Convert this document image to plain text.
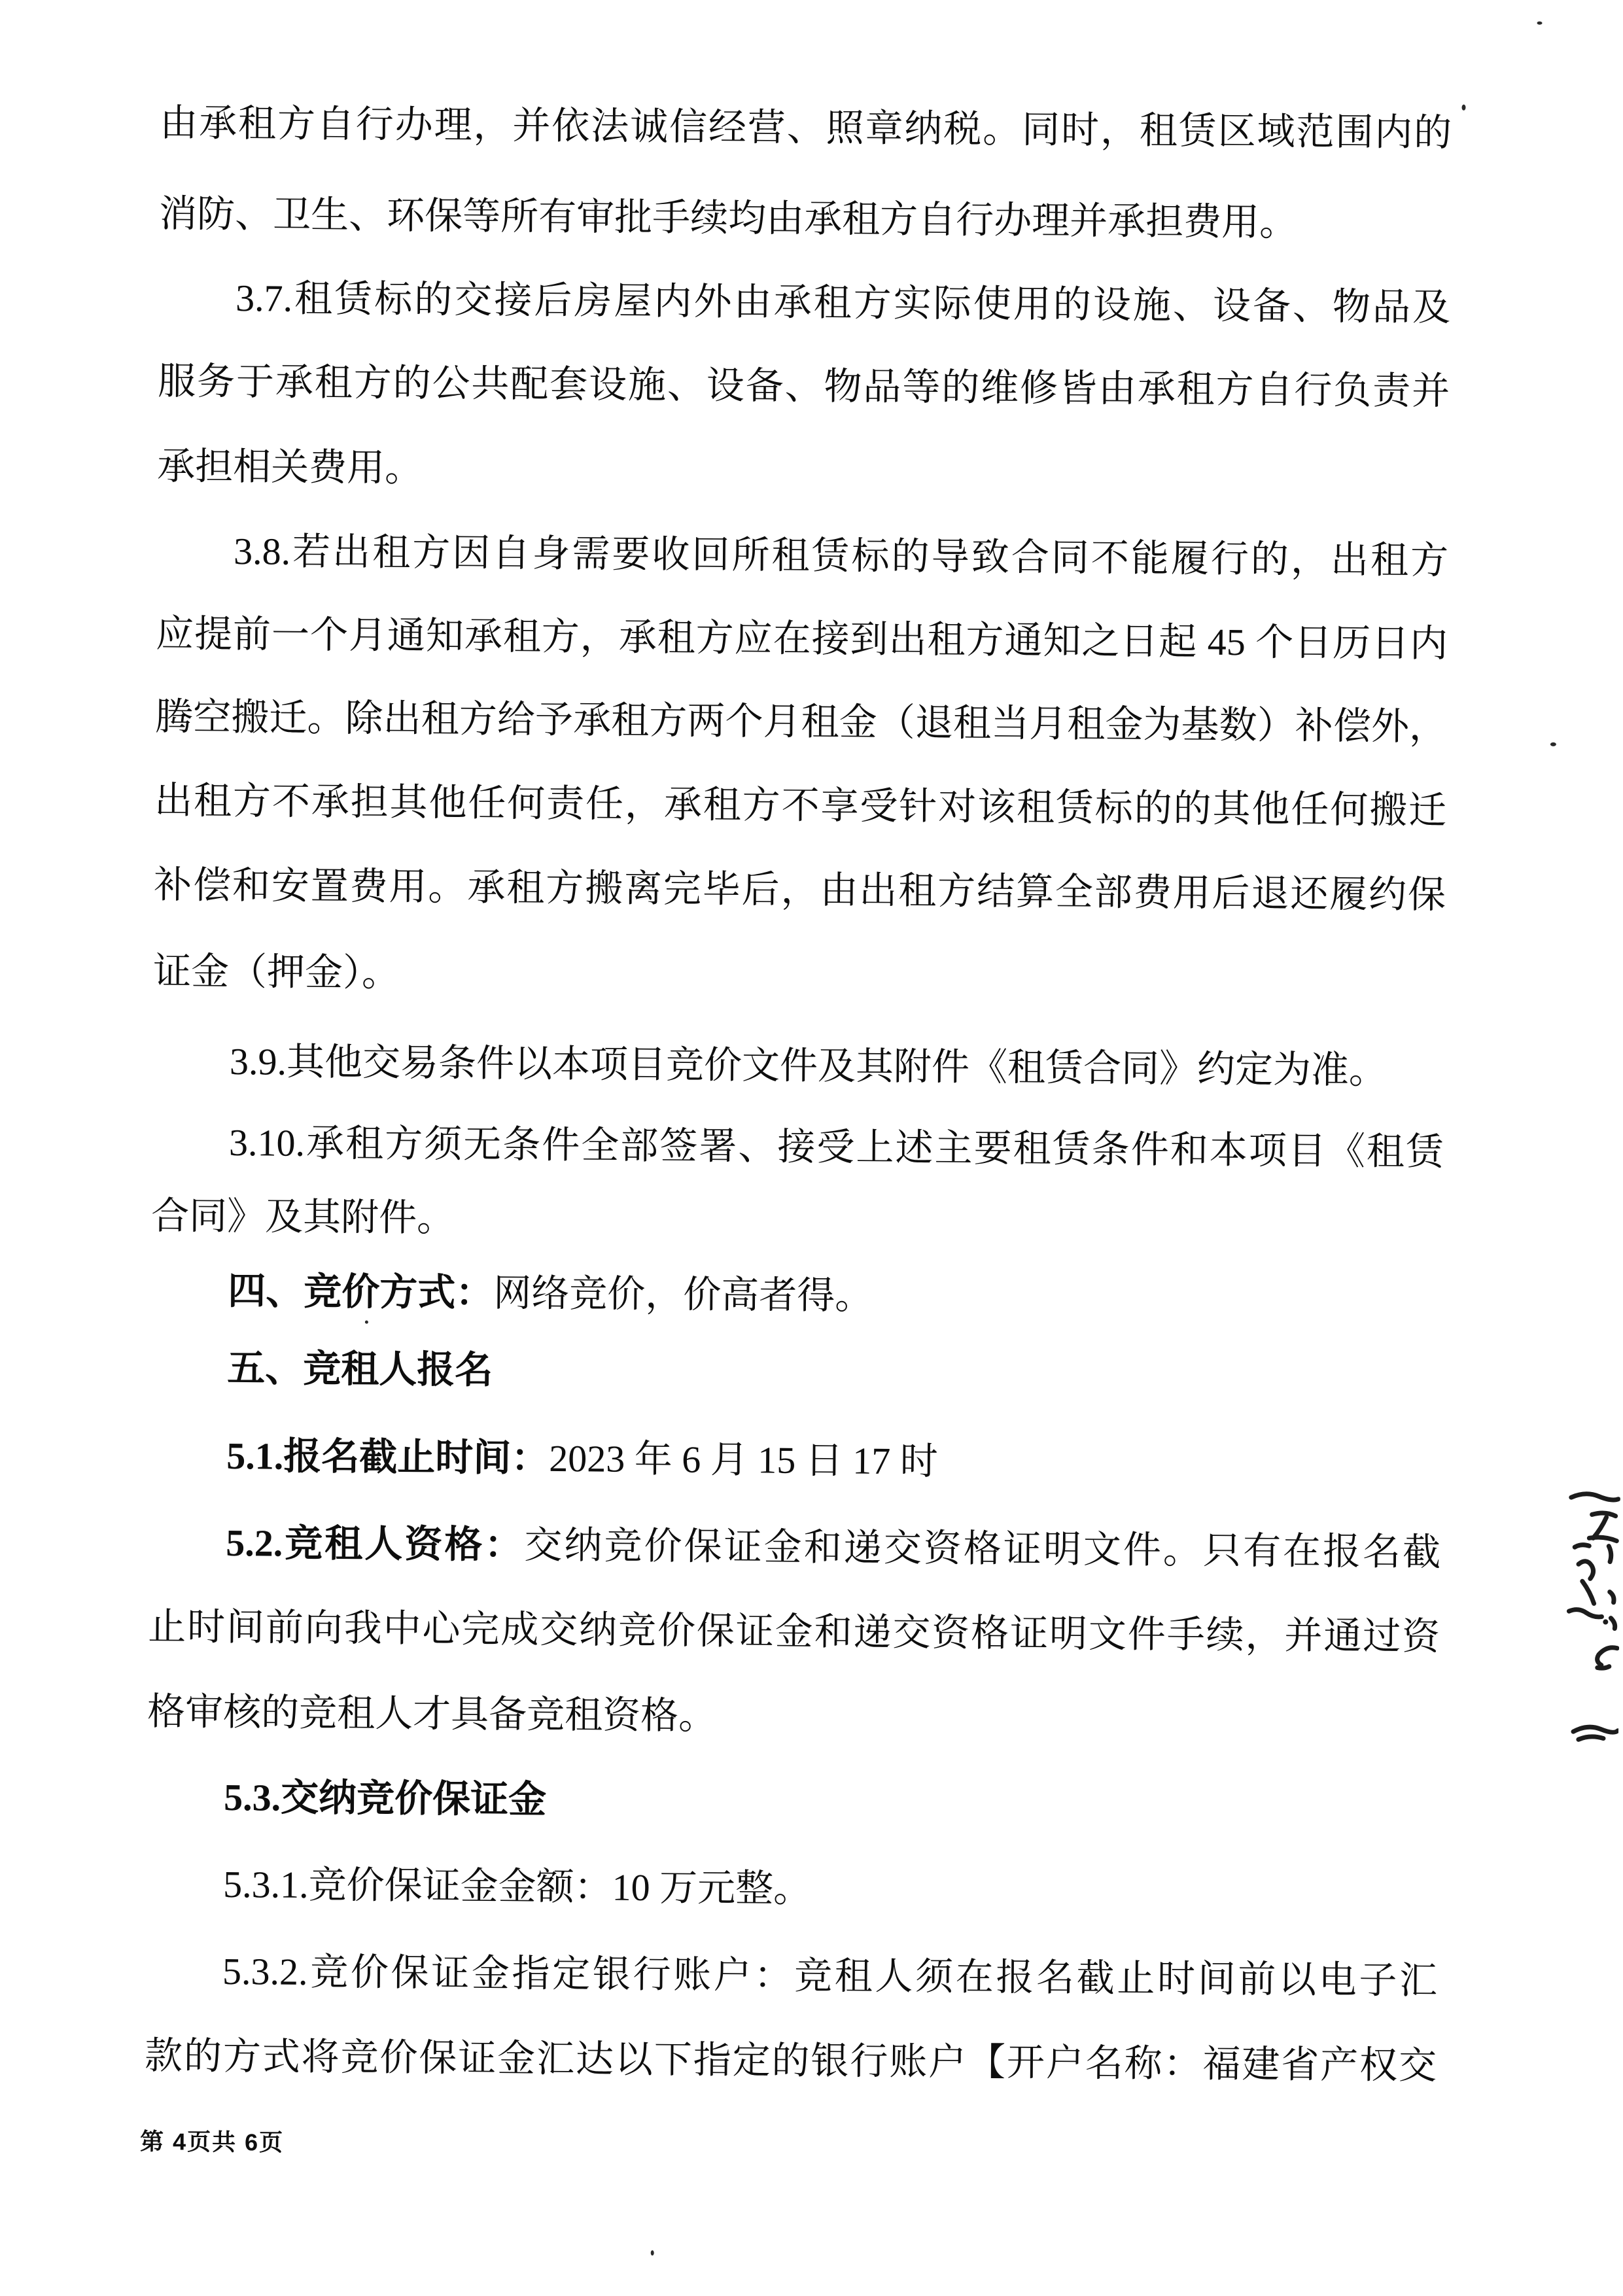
由承租方自行办理，并依法诚信经营、照章纳税。同时，租赁区域范围内的
消防、卫生、环保等所有审批手续均由承租方自行办理并承担费用。
3.7.租赁标的交接后房屋内外由承租方实际使用的设施、设备、物品及
服务于承租方的公共配套设施、设备、物品等的维修皆由承租方自行负责并
承担相关费用。
3.8.若出租方因自身需要收回所租赁标的导致合同不能履行的，出租方
应提前一个月通知承租方，承租方应在接到出租方通知之日起 45 个日历日内
腾空搬迁。除出租方给予承租方两个月租金（退租当月租金为基数）补偿外，
出租方不承担其他任何责任，承租方不享受针对该租赁标的的其他任何搬迁
补偿和安置费用。承租方搬离完毕后，由出租方结算全部费用后退还履约保
证金（押金）。
3.9.其他交易条件以本项目竞价文件及其附件《租赁合同》约定为准。
3.10.承租方须无条件全部签署、接受上述主要租赁条件和本项目《租赁
合同》及其附件。
四、竞价方式：网络竞价，价高者得。
五、竞租人报名
5.1.报名截止时间：2023 年 6 月 15 日 17 时
5.2.竞租人资格：交纳竞价保证金和递交资格证明文件。只有在报名截
止时间前向我中心完成交纳竞价保证金和递交资格证明文件手续，并通过资
格审核的竞租人才具备竞租资格。
5.3.交纳竞价保证金
5.3.1.竞价保证金金额：10 万元整。
5.3.2.竞价保证金指定银行账户：竞租人须在报名截止时间前以电子汇
款的方式将竞价保证金汇达以下指定的银行账户【开户名称：福建省产权交
第 4页共 6页
